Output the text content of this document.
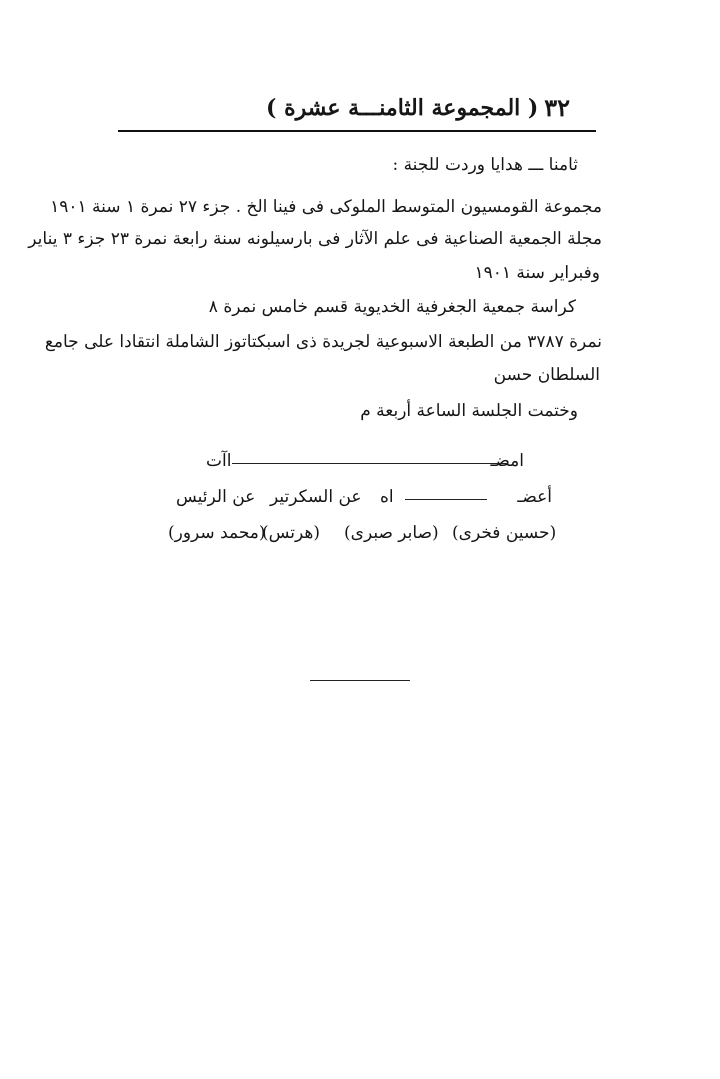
( المجموعة الثامنـــة عشرة ) ٣٢
ثامنا ـــ هدايا وردت للجنة :
مجموعة القومسيون المتوسط الملوكى فى فينا الخ . جزء ٢٧ نمرة ١ سنة ١٩٠١
مجلة الجمعية الصناعية فى علم الآثار فى بارسيلونه سنة رابعة نمرة ٢٣ جزء ٣ يناير
وفبراير سنة ١٩٠١
كراسة جمعية الجغرفية الخديوية قسم خامس نمرة ٨
نمرة ٣٧٨٧ من الطبعة الاسبوعية لجريدة ذى اسبكتاتوز الشاملة انتقادا على جامع
السلطان حسن
وختمت الجلسة الساعة أربعة م
امضـ
اآت
أعضـ
اه
عن السكرتير
عن الرئيس
(حسين فخرى)
(صابر صبرى)
(هرتس)
(محمد سرور)
